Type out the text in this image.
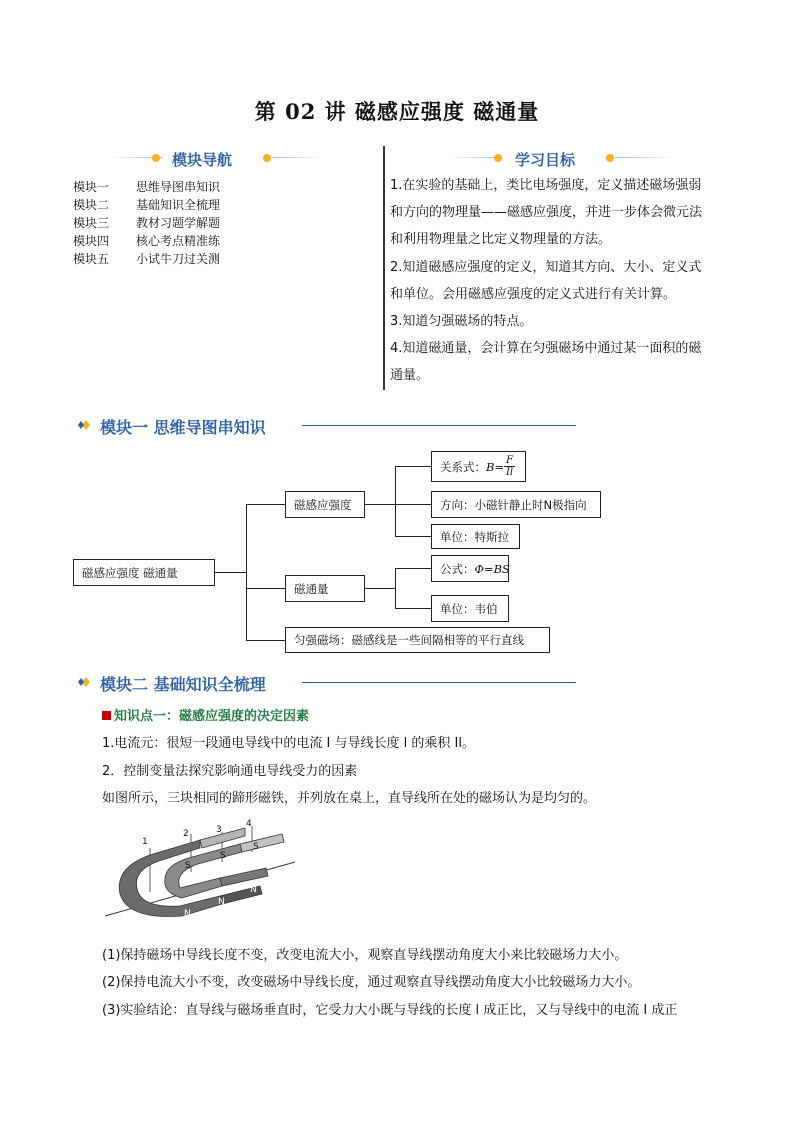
第 02 讲 磁感应强度 磁通量
模块导航
模块一 思维导图串知识
模块二 基础知识全梳理
模块三 教材习题学解题
模块四 核心考点精准练
模块五 小试牛刀过关测
学习目标
1.在实验的基础上，类比电场强度，定义描述磁场强弱
和方向的物理量——磁感应强度，并进一步体会微元法
和利用物理量之比定义物理量的方法。
2.知道磁感应强度的定义，知道其方向、大小、定义式
和单位。会用磁感应强度的定义式进行有关计算。
3.知道匀强磁场的特点。
4.知道磁通量，会计算在匀强磁场中通过某一面积的磁
通量。
模块一 思维导图串知识
磁感应强度 磁通量
磁感应强度
关系式： $B= \frac{F}{Il}$
方向：小磁针静止时N极指向
单位：特斯拉
磁通量
公式： Φ=BS
单位：韦伯
匀强磁场：磁感线是一些间隔相等的平行直线
模块二 基础知识全梳理
知识点一：磁感应强度的决定因素
1.电流元：很短一段通电导线中的电流 I 与导线长度 l 的乘积 Il。
2．控制变量法探究影响通电导线受力的因素
如图所示，三块相同的蹄形磁铁，并列放在桌上，直导线所在处的磁场认为是均匀的。
1
2	3
4
S
S
S
N
N
N
(1)保持磁场中导线长度不变，改变电流大小，观察直导线摆动角度大小来比较磁场力大小。
(2)保持电流大小不变，改变磁场中导线长度，通过观察直导线摆动角度大小比较磁场力大小。
(3)实验结论：直导线与磁场垂直时，它受力大小既与导线的长度 l 成正比，又与导线中的电流 I 成正
